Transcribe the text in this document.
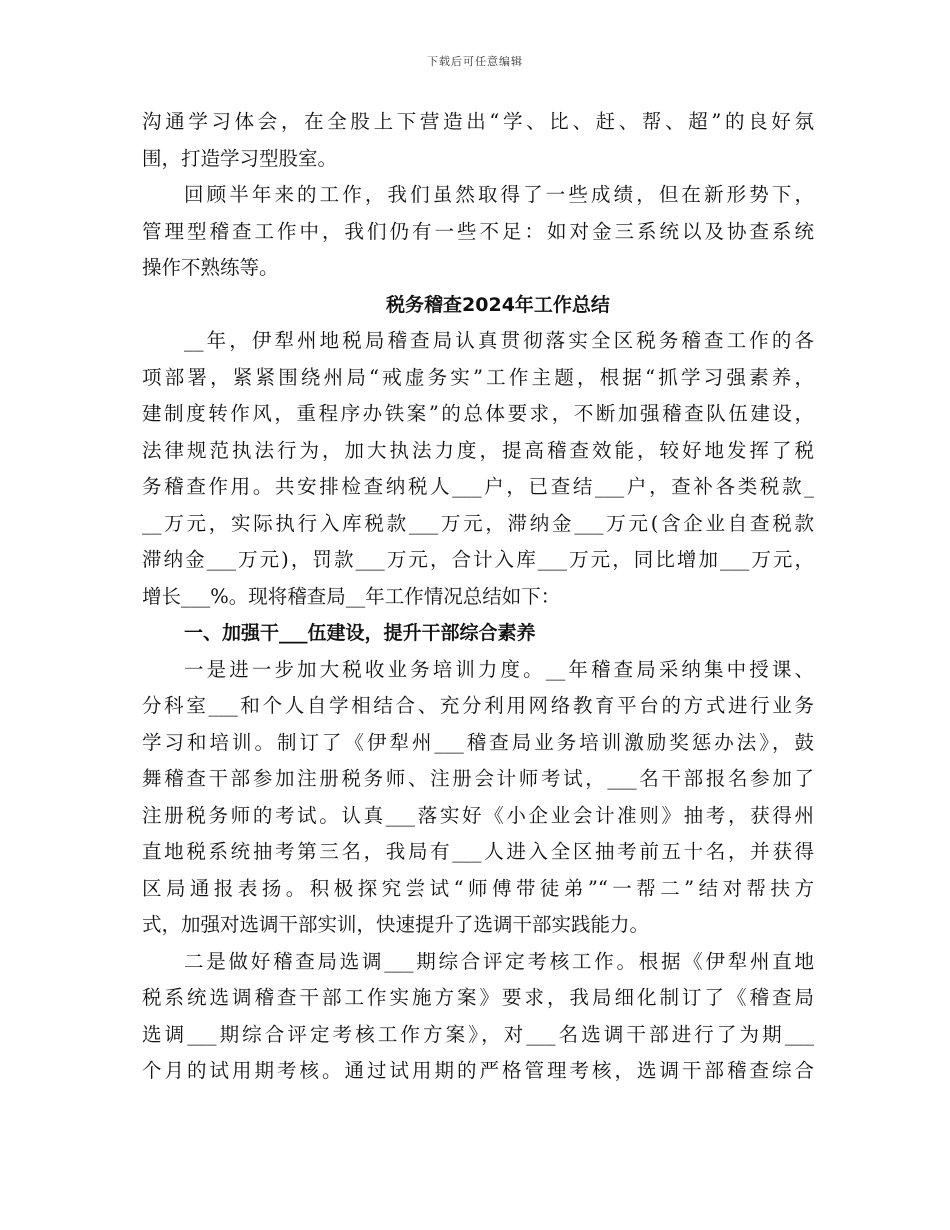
下载后可任意编辑
沟通学习体会，在全股上下营造出“学、比、赶、帮、超”的良好氛
围，打造学习型股室。
回顾半年来的工作，我们虽然取得了一些成绩，但在新形势下，
管理型稽查工作中，我们仍有一些不足：如对金三系统以及协查系统
操作不熟练等。
税务稽查2024年工作总结
__年，伊犁州地税局稽查局认真贯彻落实全区税务稽查工作的各
项部署，紧紧围绕州局“戒虚务实”工作主题，根据“抓学习强素养，
建制度转作风，重程序办铁案”的总体要求，不断加强稽查队伍建设，
法律规范执法行为，加大执法力度，提高稽查效能，较好地发挥了税
务稽查作用。共安排检查纳税人___户，已查结___户，查补各类税款_
__万元，实际执行入库税款___万元，滞纳金___万元(含企业自查税款
滞纳金___万元)，罚款___万元，合计入库___万元，同比增加___万元，
增长___%。现将稽查局__年工作情况总结如下：
一、加强干___伍建设，提升干部综合素养
一是进一步加大税收业务培训力度。__年稽查局采纳集中授课、
分科室___和个人自学相结合、充分利用网络教育平台的方式进行业务
学习和培训。制订了《伊犁州___稽查局业务培训激励奖惩办法》，鼓
舞稽查干部参加注册税务师、注册会计师考试，___名干部报名参加了
注册税务师的考试。认真___落实好《小企业会计准则》抽考，获得州
直地税系统抽考第三名，我局有___人进入全区抽考前五十名，并获得
区局通报表扬。积极探究尝试“师傅带徒弟”“一帮二”结对帮扶方
式，加强对选调干部实训，快速提升了选调干部实践能力。
二是做好稽查局选调___期综合评定考核工作。根据《伊犁州直地
税系统选调稽查干部工作实施方案》要求，我局细化制订了《稽查局
选调___期综合评定考核工作方案》，对___名选调干部进行了为期___
个月的试用期考核。通过试用期的严格管理考核，选调干部稽查综合
